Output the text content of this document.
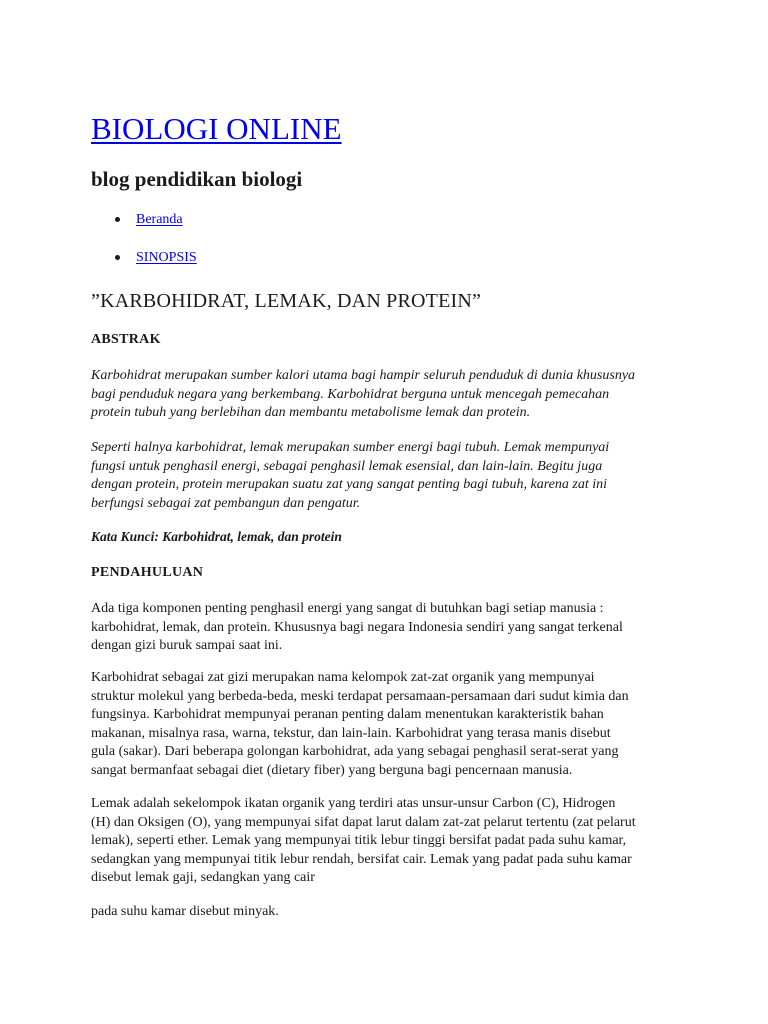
BIOLOGI ONLINE
blog pendidikan biologi
Beranda
SINOPSIS
”KARBOHIDRAT, LEMAK, DAN PROTEIN”
ABSTRAK

Karbohidrat merupakan sumber kalori utama bagi hampir seluruh penduduk di dunia khususnya
bagi penduduk negara yang berkembang. Karbohidrat berguna untuk mencegah pemecahan
protein tubuh yang berlebihan dan membantu metabolisme lemak dan protein.

Seperti halnya karbohidrat, lemak merupakan sumber energi bagi tubuh. Lemak mempunyai
fungsi untuk penghasil energi, sebagai penghasil lemak esensial, dan lain-lain. Begitu juga
dengan protein, protein merupakan suatu zat yang sangat penting bagi tubuh, karena zat ini
berfungsi sebagai zat pembangun dan pengatur.

Kata Kunci: Karbohidrat, lemak, dan protein

PENDAHULUAN

Ada tiga komponen penting penghasil energi yang sangat di butuhkan bagi setiap manusia :
karbohidrat, lemak, dan protein. Khususnya bagi negara Indonesia sendiri yang sangat terkenal
dengan gizi buruk sampai saat ini.

Karbohidrat sebagai zat gizi merupakan nama kelompok zat-zat organik yang mempunyai
struktur molekul yang berbeda-beda, meski terdapat persamaan-persamaan dari sudut kimia dan
fungsinya. Karbohidrat mempunyai peranan penting dalam menentukan karakteristik bahan
makanan, misalnya rasa, warna, tekstur, dan lain-lain. Karbohidrat yang terasa manis disebut
gula (sakar). Dari beberapa golongan karbohidrat, ada yang sebagai penghasil serat-serat yang
sangat bermanfaat sebagai diet (dietary fiber) yang berguna bagi pencernaan manusia.

Lemak adalah sekelompok ikatan organik yang terdiri atas unsur-unsur Carbon (C), Hidrogen
(H) dan Oksigen (O), yang mempunyai sifat dapat larut dalam zat-zat pelarut tertentu (zat pelarut
lemak), seperti ether. Lemak yang mempunyai titik lebur tinggi bersifat padat pada suhu kamar,
sedangkan yang mempunyai titik lebur rendah, bersifat cair. Lemak yang padat pada suhu kamar
disebut lemak gaji, sedangkan yang cair

pada suhu kamar disebut minyak.
